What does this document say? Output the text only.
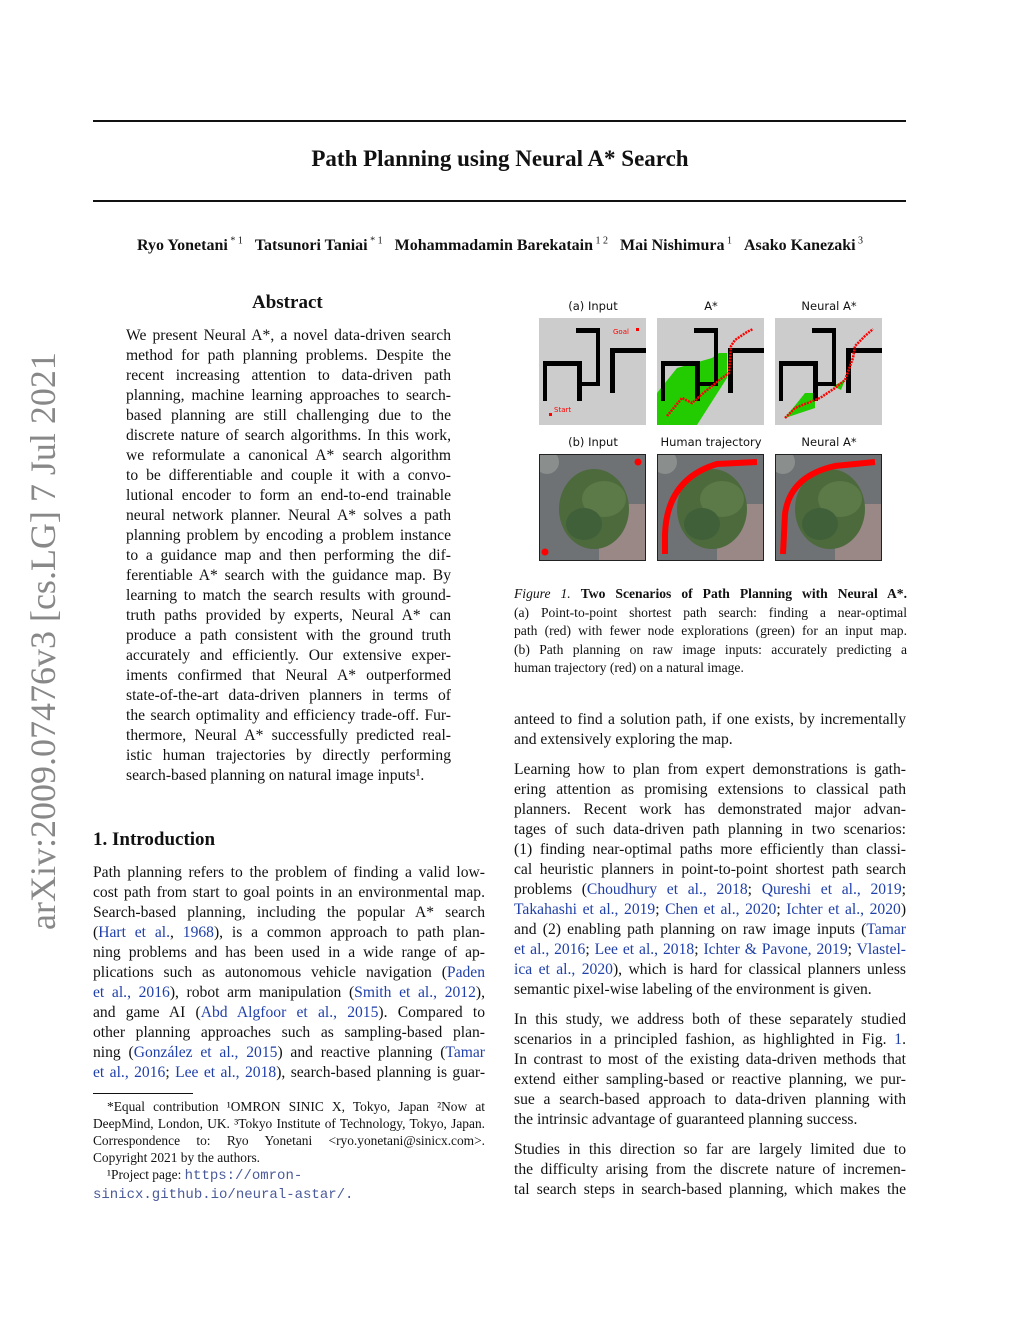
Path Planning using Neural A* Search
Ryo Yonetani $^{* 1}$ Tatsunori Taniai $^{* 1}$ Mohammadamin Barekatain $^{1 2}$ Mai Nishimura $^1$ Asako Kanezaki $^3$
arXiv:2009.07476v3 [cs.LG] 7 Jul 2021
Abstract
We present Neural A*, a novel data-driven search
method for path planning problems. Despite the
recent increasing attention to data-driven path
planning, machine learning approaches to search-
based planning are still challenging due to the
discrete nature of search algorithms. In this work,
we reformulate a canonical A* search algorithm
to be differentiable and couple it with a convo-
lutional encoder to form an end-to-end trainable
neural network planner. Neural A* solves a path
planning problem by encoding a problem instance
to a guidance map and then performing the dif-
ferentiable A* search with the guidance map. By
learning to match the search results with ground-
truth paths provided by experts, Neural A* can
produce a path consistent with the ground truth
accurately and efficiently. Our extensive exper-
iments confirmed that Neural A* outperformed
state-of-the-art data-driven planners in terms of
the search optimality and efficiency trade-off. Fur-
thermore, Neural A* successfully predicted real-
istic human trajectories by directly performing
search-based planning on natural image inputs¹.
1. Introduction
Path planning refers to the problem of finding a valid low-
cost path from start to goal points in an environmental map.
Search-based planning, including the popular A* search
(Hart et al., 1968), is a common approach to path plan-
ning problems and has been used in a wide range of ap-
plications such as autonomous vehicle navigation (Paden
et al., 2016), robot arm manipulation (Smith et al., 2012),
and game AI (Abd Algfoor et al., 2015). Compared to
other planning approaches such as sampling-based plan-
ning (González et al., 2015) and reactive planning (Tamar
et al., 2016; Lee et al., 2018), search-based planning is guar-
*Equal contribution ¹OMRON SINIC X, Tokyo, Japan ²Now at DeepMind, London, UK. ³Tokyo Institute of Technology, Tokyo, Japan. Correspondence to: Ryo Yonetani <ryo.yonetani@sinicx.com>. Copyright 2021 by the authors.
¹Project page: https://omron-sinicx.github.io/neural-astar/.
(a) Input	A*	Neural A*
(b) Input	Human trajectory	Neural A*
Goal
Start
Figure 1. Two Scenarios of Path Planning with Neural A*.
(a) Point-to-point shortest path search: finding a near-optimal
path (red) with fewer node explorations (green) for an input map.
(b) Path planning on raw image inputs: accurately predicting a
human trajectory (red) on a natural image.
anteed to find a solution path, if one exists, by incrementally
and extensively exploring the map.
Learning how to plan from expert demonstrations is gath-
ering attention as promising extensions to classical path
planners. Recent work has demonstrated major advan-
tages of such data-driven path planning in two scenarios:
(1) finding near-optimal paths more efficiently than classi-
cal heuristic planners in point-to-point shortest path search
problems (Choudhury et al., 2018; Qureshi et al., 2019;
Takahashi et al., 2019; Chen et al., 2020; Ichter et al., 2020)
and (2) enabling path planning on raw image inputs (Tamar
et al., 2016; Lee et al., 2018; Ichter & Pavone, 2019; Vlastel-
ica et al., 2020), which is hard for classical planners unless
semantic pixel-wise labeling of the environment is given.
In this study, we address both of these separately studied
scenarios in a principled fashion, as highlighted in Fig. 1.
In contrast to most of the existing data-driven methods that
extend either sampling-based or reactive planning, we pur-
sue a search-based approach to data-driven planning with
the intrinsic advantage of guaranteed planning success.
Studies in this direction so far are largely limited due to
the difficulty arising from the discrete nature of incremen-
tal search steps in search-based planning, which makes the
